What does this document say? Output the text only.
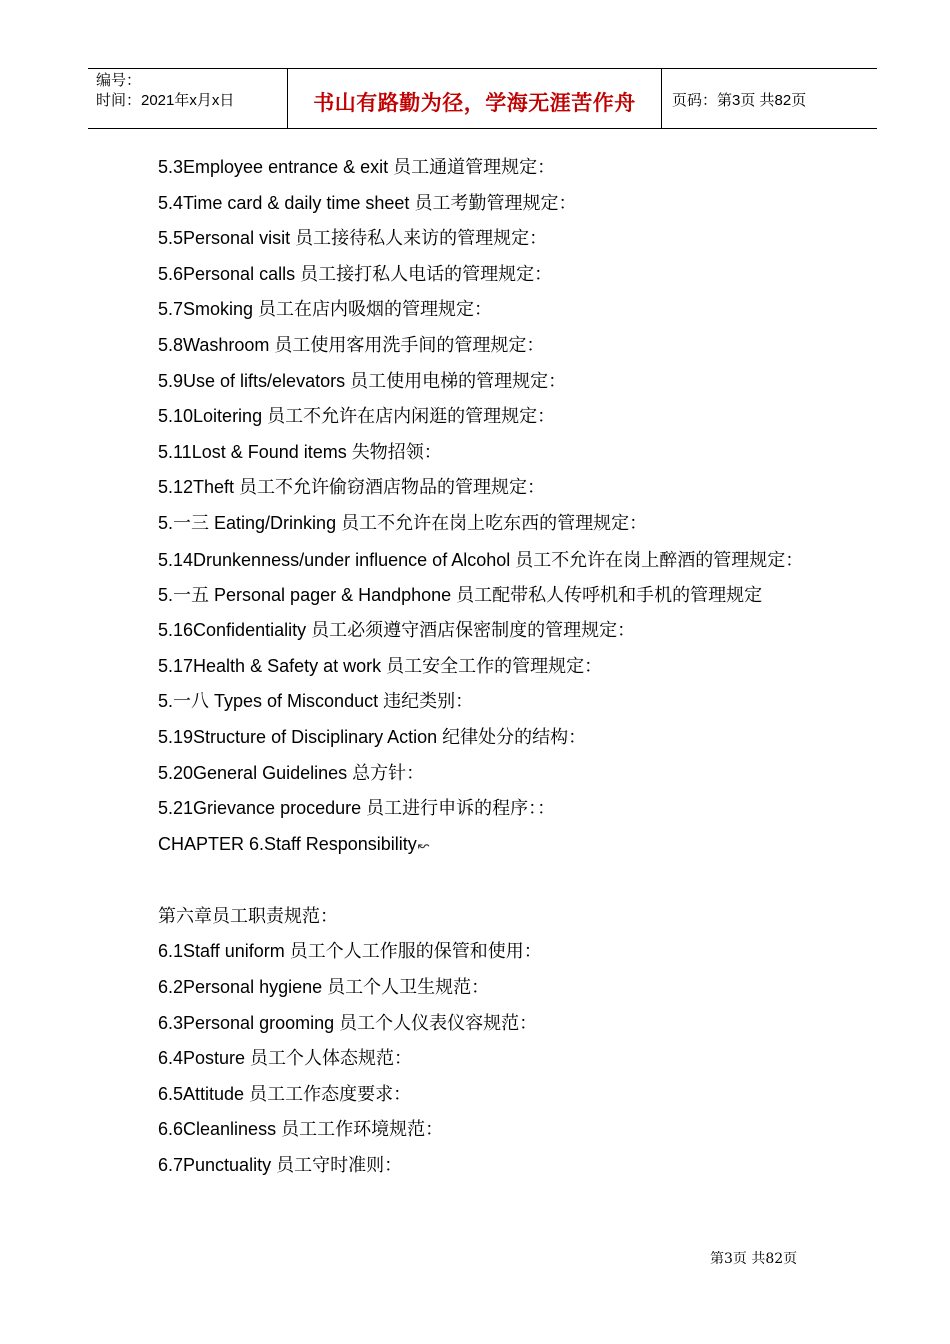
编号：
时间：2021年x月x日	书山有路勤为径，学海无涯苦作舟	页码：第3页 共82页
5.3Employee entrance & exit 员工通道管理规定：
5.4Time card & daily time sheet 员工考勤管理规定：
5.5Personal visit 员工接待私人来访的管理规定：
5.6Personal calls 员工接打私人电话的管理规定：
5.7Smoking 员工在店内吸烟的管理规定：
5.8Washroom 员工使用客用洗手间的管理规定：
5.9Use of lifts/elevators 员工使用电梯的管理规定：
5.10Loitering 员工不允许在店内闲逛的管理规定：
5.11Lost & Found items 失物招领：
5.12Theft 员工不允许偷窃酒店物品的管理规定：
5.一三 Eating/Drinking 员工不允许在岗上吃东西的管理规定：
5.14Drunkenness/under influence of Alcohol 员工不允许在岗上醉酒的管理规定：
5.一五 Personal pager & Handphone 员工配带私人传呼机和手机的管理规定
5.16Confidentiality 员工必须遵守酒店保密制度的管理规定：
5.17Health & Safety at work 员工安全工作的管理规定：
5.一八 Types of Misconduct 违纪类别：
5.19Structure of Disciplinary Action 纪律处分的结构：
5.20General Guidelines 总方针：
5.21Grievance procedure 员工进行申诉的程序：：
CHAPTER 6.Staff Responsibility↜
第六章员工职责规范：
6.1Staff uniform 员工个人工作服的保管和使用：
6.2Personal hygiene 员工个人卫生规范：
6.3Personal grooming 员工个人仪表仪容规范：
6.4Posture 员工个人体态规范：
6.5Attitude 员工工作态度要求：
6.6Cleanliness 员工工作环境规范：
6.7Punctuality 员工守时准则：
第3页 共82页
